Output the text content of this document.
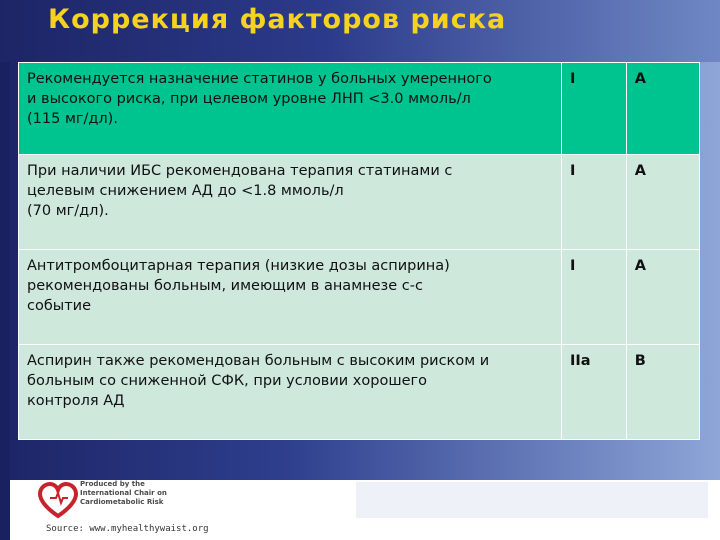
Коррекция факторов риска
Рекомендуется назначение статинов у больных умеренного
и высокого риска, при целевом уровне ЛНП <3.0 ммоль/л
(115 мг/дл).	I	A

При наличии ИБС рекомендована терапия статинами с
целевым снижением АД до <1.8 ммоль/л
(70 мг/дл).	I	A

Антитромбоцитарная терапия (низкие дозы аспирина)
рекомендованы больным, имеющим в анамнезе с-с
событие	I	A

Аспирин также рекомендован больным с высоким риском и
больным со сниженной СФК, при условии хорошего
контроля АД	IIa	B
Produced by the
International Chair on
Cardiometabolic Risk
Source: www.myhealthywaist.org
